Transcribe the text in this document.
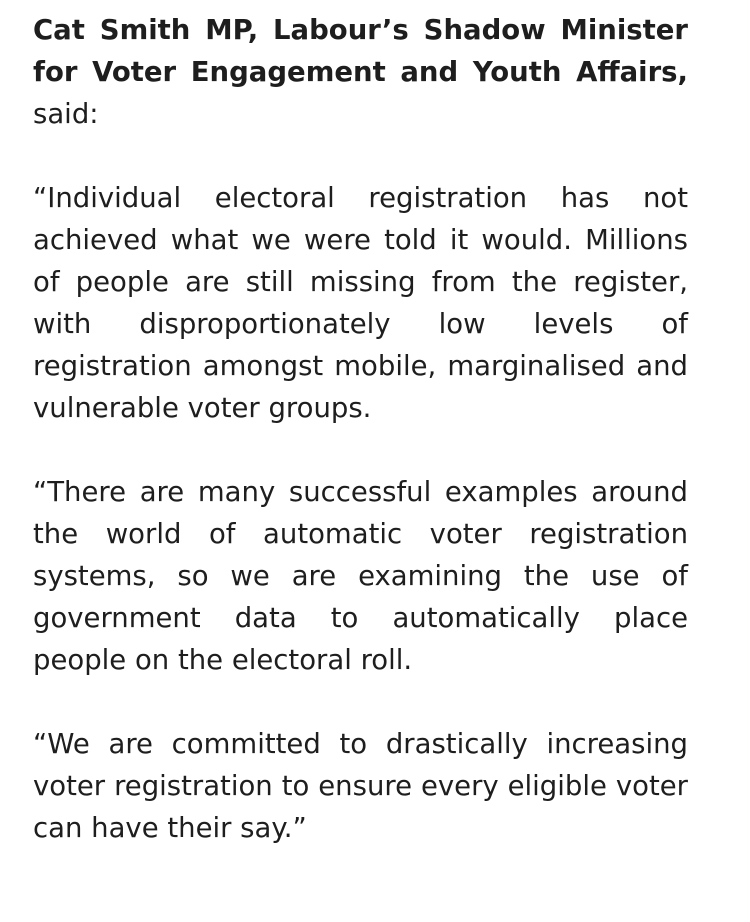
Cat Smith MP, Labour’s Shadow Minister for Voter Engagement and Youth Affairs, said:

“Individual electoral registration has not achieved what we were told it would. Millions of people are still missing from the register, with disproportionately low levels of registration amongst mobile, marginalised and vulnerable voter groups.

“There are many successful examples around the world of automatic voter registration systems, so we are examining the use of government data to automatically place people on the electoral roll.

“We are committed to drastically increasing voter registration to ensure every eligible voter can have their say.”
